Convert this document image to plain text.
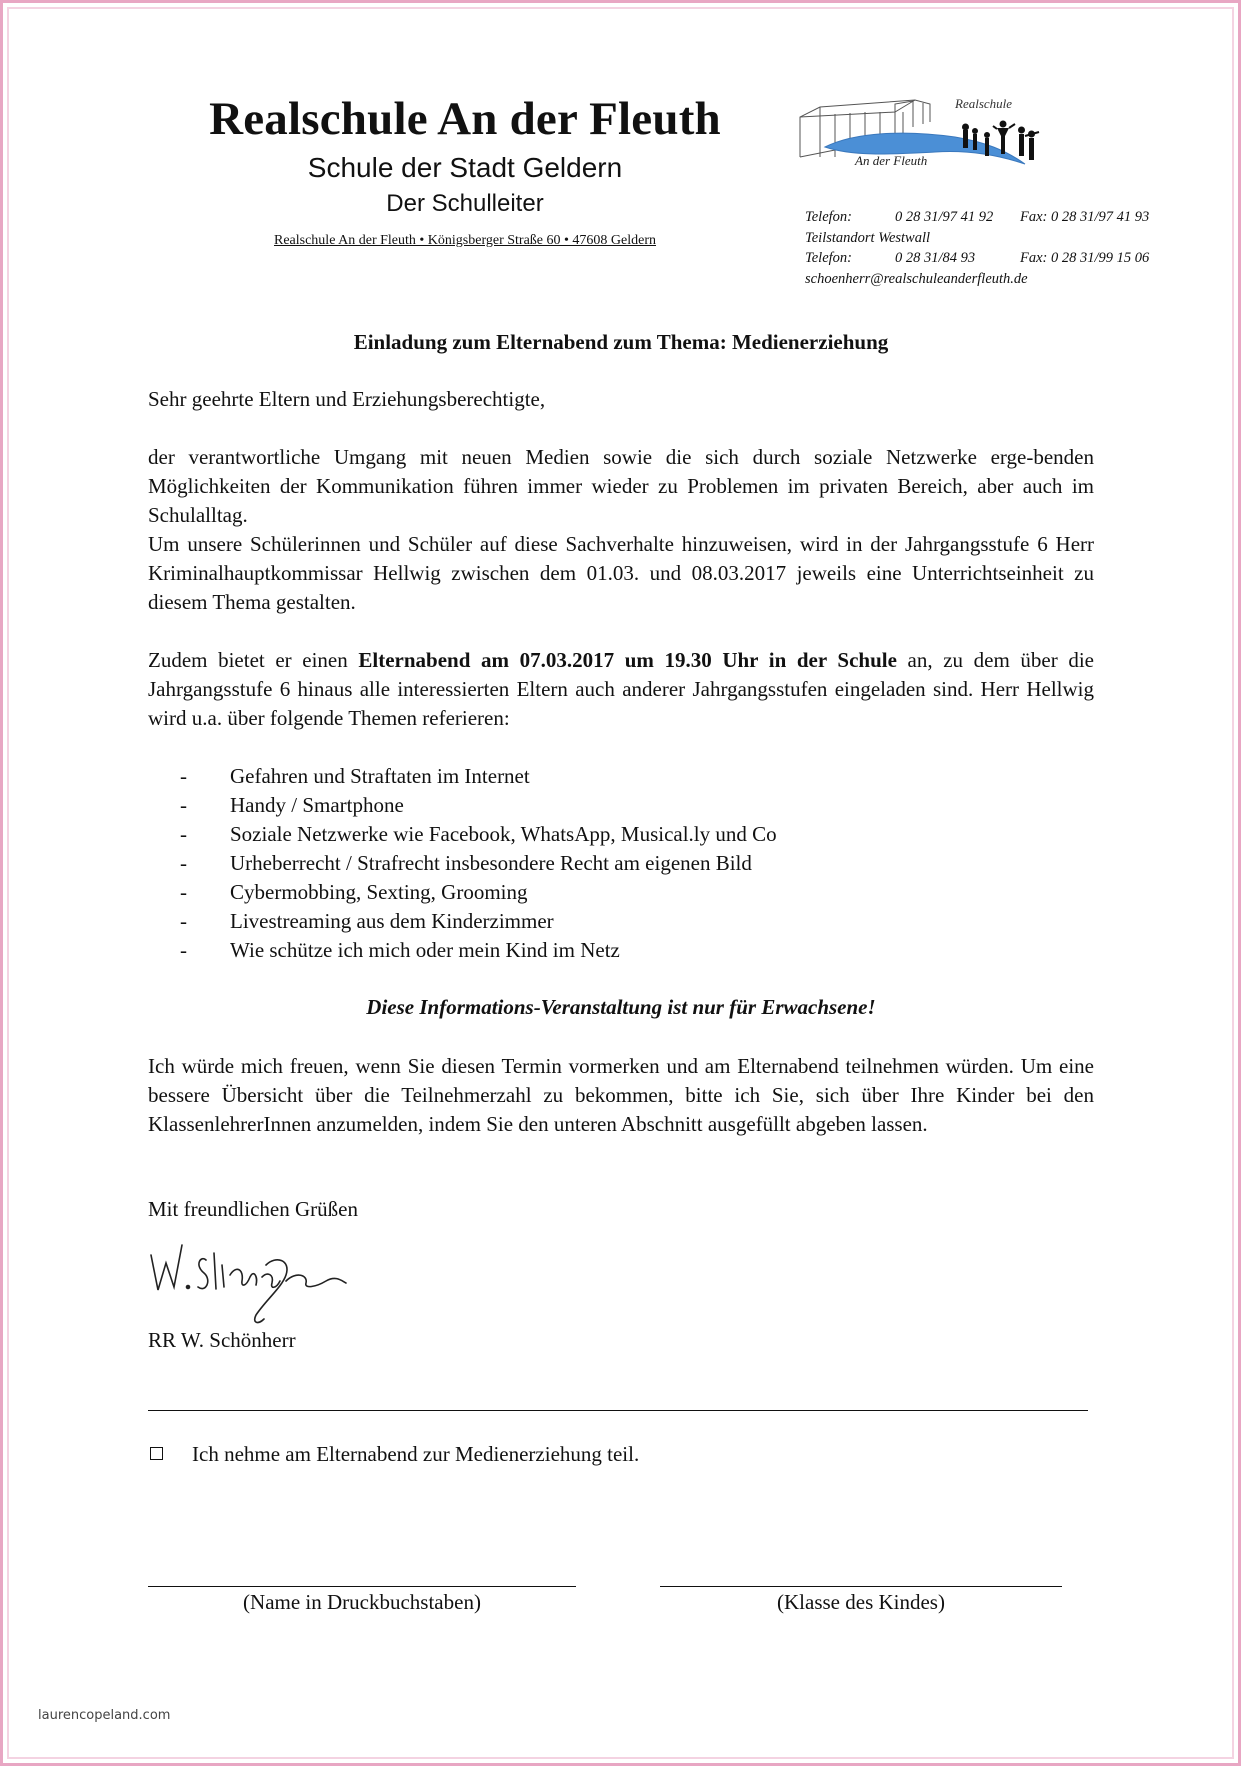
Realschule An der Fleuth
Schule der Stadt Geldern
Der Schulleiter
Realschule An der Fleuth • Königsberger Straße 60 • 47608 Geldern
Realschule
An der Fleuth
Telefon:	0 28 31/97 41 92	Fax: 0 28 31/97 41 93
Teilstandort Westwall
Telefon:	0 28 31/84 93	Fax: 0 28 31/99 15 06
schoenherr@realschuleanderfleuth.de
Einladung zum Elternabend zum Thema: Medienerziehung
Sehr geehrte Eltern und Erziehungsberechtigte,
der verantwortliche Umgang mit neuen Medien sowie die sich durch soziale Netzwerke erge-benden Möglichkeiten der Kommunikation führen immer wieder zu Problemen im privaten Bereich, aber auch im Schulalltag.
Um unsere Schülerinnen und Schüler auf diese Sachverhalte hinzuweisen, wird in der Jahrgangsstufe 6 Herr Kriminalhauptkommissar Hellwig zwischen dem 01.03. und 08.03.2017 jeweils eine Unterrichtseinheit zu diesem Thema gestalten.
Zudem bietet er einen Elternabend am 07.03.2017 um 19.30 Uhr in der Schule an, zu dem über die Jahrgangsstufe 6 hinaus alle interessierten Eltern auch anderer Jahrgangsstufen eingeladen sind. Herr Hellwig wird u.a. über folgende Themen referieren:
-	Gefahren und Straftaten im Internet
-	Handy / Smartphone
-	Soziale Netzwerke wie Facebook, WhatsApp, Musical.ly und Co
-	Urheberrecht / Strafrecht insbesondere Recht am eigenen Bild
-	Cybermobbing, Sexting, Grooming
-	Livestreaming aus dem Kinderzimmer
-	Wie schütze ich mich oder mein Kind im Netz
Diese Informations-Veranstaltung ist nur für Erwachsene!
Ich würde mich freuen, wenn Sie diesen Termin vormerken und am Elternabend teilnehmen würden. Um eine bessere Übersicht über die Teilnehmerzahl zu bekommen, bitte ich Sie, sich über Ihre Kinder bei den KlassenlehrerInnen anzumelden, indem Sie den unteren Abschnitt ausgefüllt abgeben lassen.
Mit freundlichen Grüßen
RR W. Schönherr
Ich nehme am Elternabend zur Medienerziehung teil.
(Name in Druckbuchstaben)	(Klasse des Kindes)
laurencopeland.com
